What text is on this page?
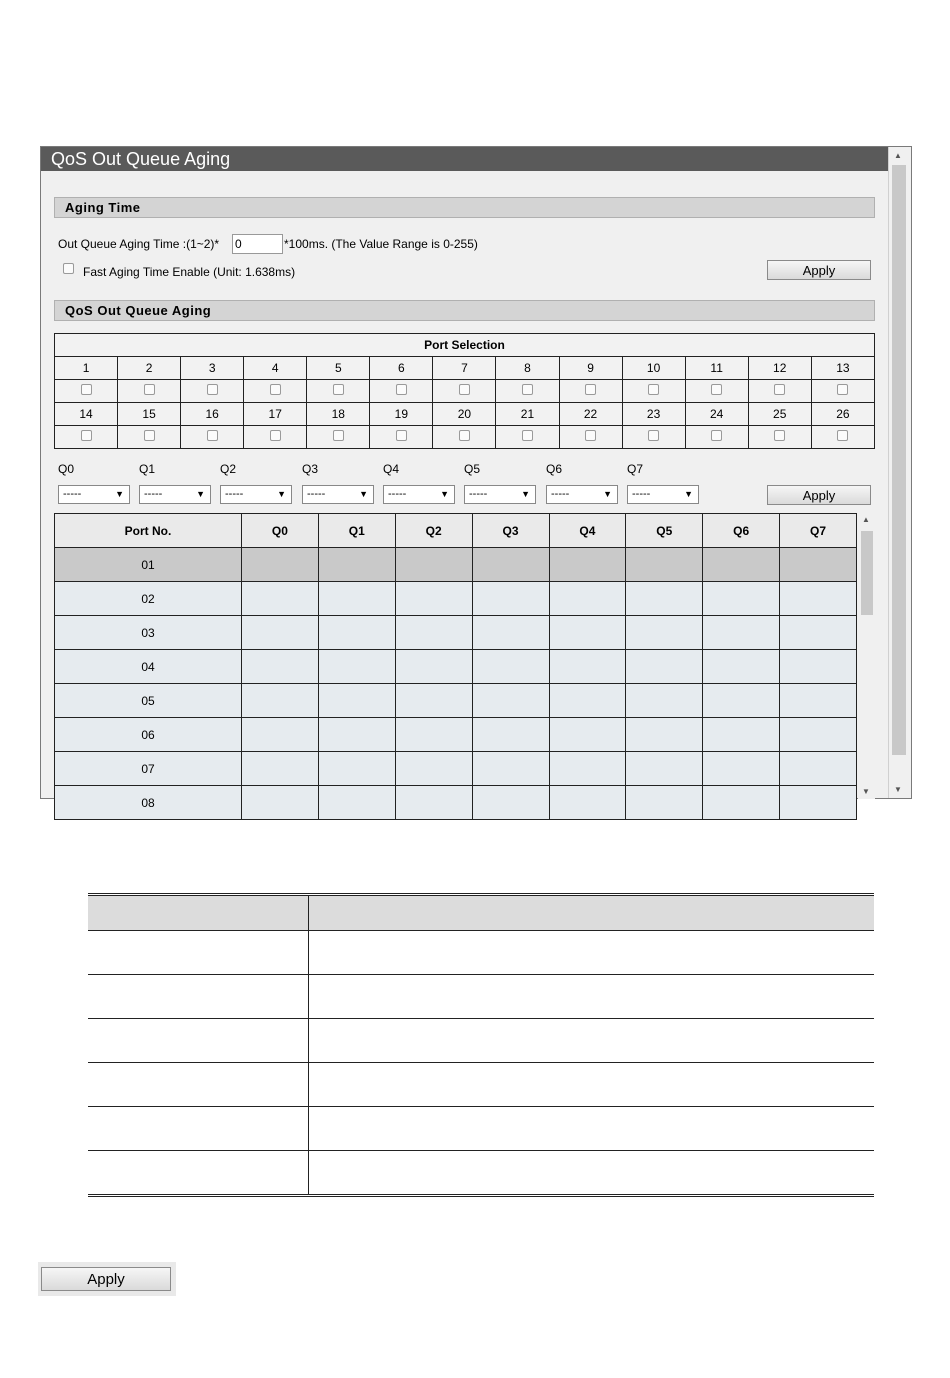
QoS Out Queue Aging	▲
▼
Aging Time
Out Queue Aging Time :(1~2)* 0	*100ms. (The Value Range is 0-255)
Fast Aging Time Enable (Unit: 1.638ms)	Apply
QoS Out Queue Aging
Port Selection												
1	2	3	4	5	6	7	8	9	10	11	12	13

14	15	16	17	18	19	20	21	22	23	24	25	26

Q0	Q1	Q2	Q3	Q4	Q5	Q6	Q7
-----	▼	-----	▼	-----	▼	-----	▼	-----	▼	-----	▼	-----	▼	-----	▼	Apply
Port No.	Q0	Q1	Q2	Q3	Q4	Q5	Q6	Q7
01								
02								
03								
04								
05								
06								
07								
08								
▲
▼

Apply
